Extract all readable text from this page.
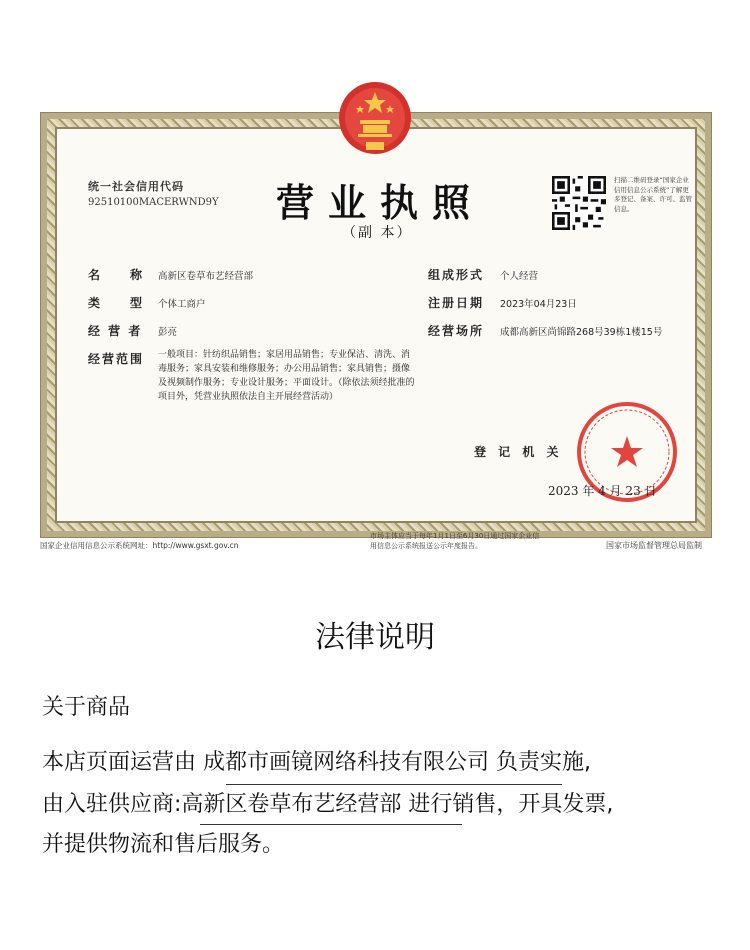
统一社会信用代码
92510100MACERWND9Y 营业执照
（副 本）
扫描二维码登录“国家企业信用信息公示系统”了解更多登记、备案、许可、监管信息。
名　　称 高新区卷草布艺经营部
类　　型 个体工商户
经 营 者 彭亮
经营范围 一般项目：针纺织品销售；家居用品销售；专业保洁、清洗、消毒服务；家具安装和维修服务；办公用品销售；家具销售；摄像及视频制作服务；专业设计服务；平面设计。（除依法须经批准的项目外，凭营业执照依法自主开展经营活动）
组成形式 个人经营
注册日期 2023年04月23日
经营场所 成都高新区尚锦路268号39栋1楼15号
登 记 机 关
2023 年 4 月 23 日
国家企业信用信息公示系统网址：http://www.gsxt.gov.cn
市场主体应当于每年1月1日至6月30日通过国家企业信用信息公示系统报送公示年度报告。	国家市场监督管理总局监制
法律说明
关于商品
本店页面运营由 成都市画镜网络科技有限公司 负责实施,
由入驻供应商:高新区卷草布艺经营部 进行销售，开具发票,
并提供物流和售后服务。
